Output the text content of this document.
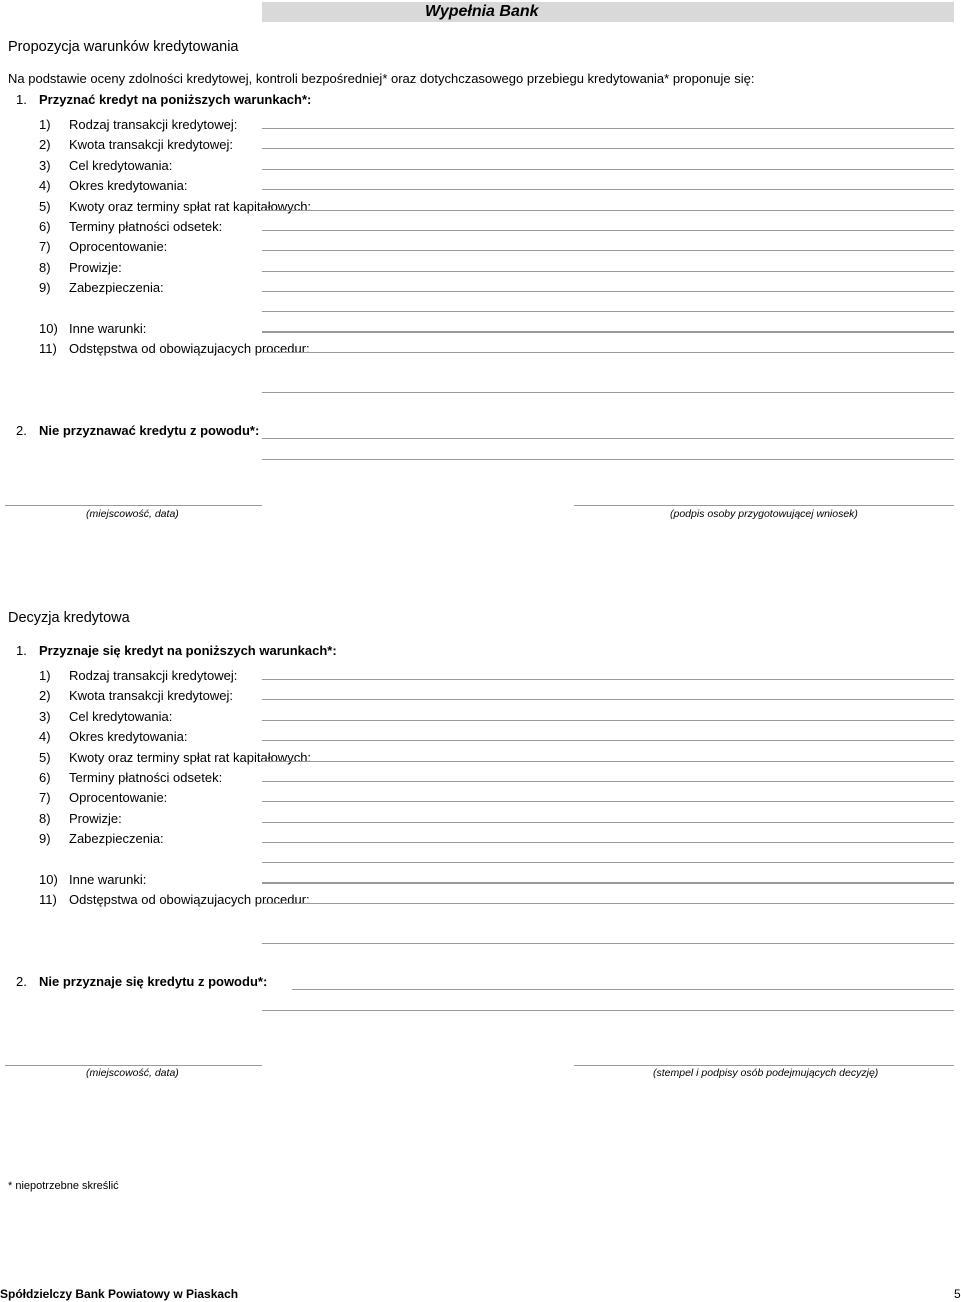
Wypełnia Bank
Propozycja warunków kredytowania
Na podstawie oceny zdolności kredytowej, kontroli bezpośredniej* oraz dotychczasowego przebiegu kredytowania* proponuje się:
1. Przyznać kredyt na poniższych warunkach*:
1) Rodzaj transakcji kredytowej:
2) Kwota transakcji kredytowej:
3) Cel kredytowania:
4) Okres kredytowania:
5) Kwoty oraz terminy spłat rat kapitałowych:
6) Terminy płatności odsetek:
7) Oprocentowanie:
8) Prowizje:
9) Zabezpieczenia:
10) Inne warunki:
11) Odstępstwa od obowiązujacych procedur:
2. Nie przyznawać kredytu z powodu*:
(miejscowość, data)	(podpis osoby przygotowującej wniosek)
Decyzja kredytowa
1. Przyznaje się kredyt na poniższych warunkach*:
1) Rodzaj transakcji kredytowej:
2) Kwota transakcji kredytowej:
3) Cel kredytowania:
4) Okres kredytowania:
5) Kwoty oraz terminy spłat rat kapitałowych:
6) Terminy płatności odsetek:
7) Oprocentowanie:
8) Prowizje:
9) Zabezpieczenia:
10) Inne warunki:
11) Odstępstwa od obowiązujacych procedur:
2. Nie przyznaje się kredytu z powodu*:
(miejscowość, data)	(stempel i podpisy osób podejmujących decyzję)
* niepotrzebne skreślić
Spółdzielczy Bank Powiatowy w Piaskach	5
